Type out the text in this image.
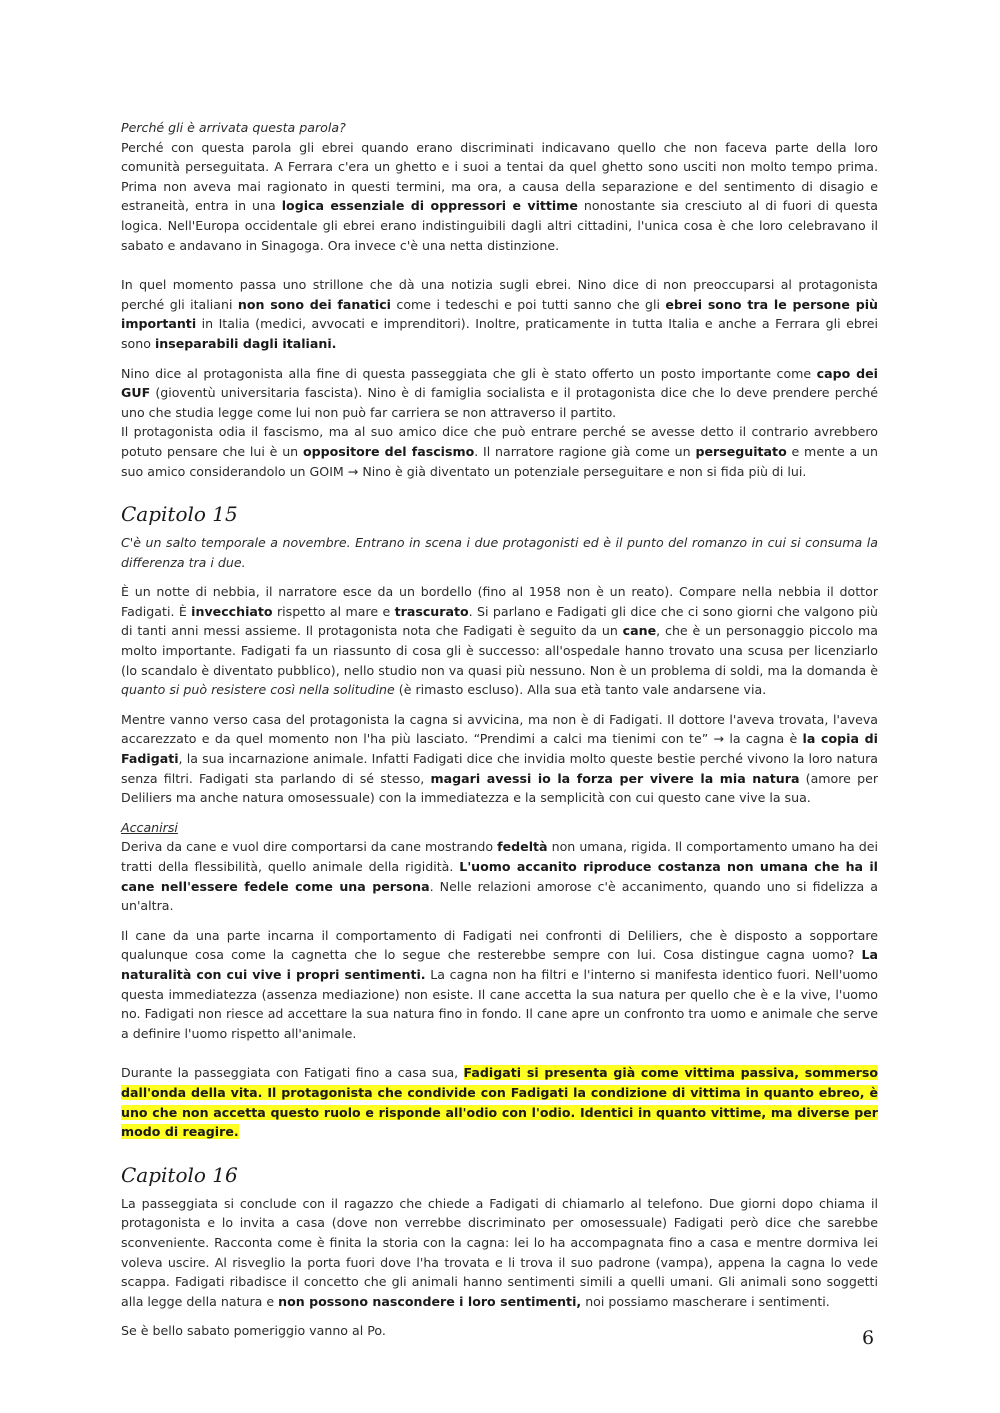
Perché gli è arrivata questa parola?

Perché con questa parola gli ebrei quando erano discriminati indicavano quello che non faceva parte della loro comunità perseguitata. A Ferrara c'era un ghetto e i suoi a tentai da quel ghetto sono usciti non molto tempo prima. Prima non aveva mai ragionato in questi termini, ma ora, a causa della separazione e del sentimento di disagio e estraneità, entra in una logica essenziale di oppressori e vittime nonostante sia cresciuto al di fuori di questa logica. Nell'Europa occidentale gli ebrei erano indistinguibili dagli altri cittadini, l'unica cosa è che loro celebravano il sabato e andavano in Sinagoga. Ora invece c'è una netta distinzione.

In quel momento passa uno strillone che dà una notizia sugli ebrei. Nino dice di non preoccuparsi al protagonista perché gli italiani non sono dei fanatici come i tedeschi e poi tutti sanno che gli ebrei sono tra le persone più importanti in Italia (medici, avvocati e imprenditori). Inoltre, praticamente in tutta Italia e anche a Ferrara gli ebrei sono inseparabili dagli italiani.

Nino dice al protagonista alla fine di questa passeggiata che gli è stato offerto un posto importante come capo dei GUF (gioventù universitaria fascista). Nino è di famiglia socialista e il protagonista dice che lo deve prendere perché uno che studia legge come lui non può far carriera se non attraverso il partito.

Il protagonista odia il fascismo, ma al suo amico dice che può entrare perché se avesse detto il contrario avrebbero potuto pensare che lui è un oppositore del fascismo. Il narratore ragione già come un perseguitato e mente a un suo amico considerandolo un GOIM → Nino è già diventato un potenziale perseguitare e non si fida più di lui.

Capitolo 15

C'è un salto temporale a novembre. Entrano in scena i due protagonisti ed è il punto del romanzo in cui si consuma la differenza tra i due.

È un notte di nebbia, il narratore esce da un bordello (fino al 1958 non è un reato). Compare nella nebbia il dottor Fadigati. È invecchiato rispetto al mare e trascurato. Si parlano e Fadigati gli dice che ci sono giorni che valgono più di tanti anni messi assieme. Il protagonista nota che Fadigati è seguito da un cane, che è un personaggio piccolo ma molto importante. Fadigati fa un riassunto di cosa gli è successo: all'ospedale hanno trovato una scusa per licenziarlo (lo scandalo è diventato pubblico), nello studio non va quasi più nessuno. Non è un problema di soldi, ma la domanda è quanto si può resistere così nella solitudine (è rimasto escluso). Alla sua età tanto vale andarsene via.

Mentre vanno verso casa del protagonista la cagna si avvicina, ma non è di Fadigati. Il dottore l'aveva trovata, l'aveva accarezzato e da quel momento non l'ha più lasciato. “Prendimi a calci ma tienimi con te” → la cagna è la copia di Fadigati, la sua incarnazione animale. Infatti Fadigati dice che invidia molto queste bestie perché vivono la loro natura senza filtri. Fadigati sta parlando di sé stesso, magari avessi io la forza per vivere la mia natura (amore per Deliliers ma anche natura omosessuale) con la immediatezza e la semplicità con cui questo cane vive la sua.

Accanirsi

Deriva da cane e vuol dire comportarsi da cane mostrando fedeltà non umana, rigida. Il comportamento umano ha dei tratti della flessibilità, quello animale della rigidità. L'uomo accanito riproduce costanza non umana che ha il cane nell'essere fedele come una persona. Nelle relazioni amorose c'è accanimento, quando uno si fidelizza a un'altra.

Il cane da una parte incarna il comportamento di Fadigati nei confronti di Deliliers, che è disposto a sopportare qualunque cosa come la cagnetta che lo segue che resterebbe sempre con lui. Cosa distingue cagna uomo? La naturalità con cui vive i propri sentimenti. La cagna non ha filtri e l'interno si manifesta identico fuori. Nell'uomo questa immediatezza (assenza mediazione) non esiste. Il cane accetta la sua natura per quello che è e la vive, l'uomo no. Fadigati non riesce ad accettare la sua natura fino in fondo. Il cane apre un confronto tra uomo e animale che serve a definire l'uomo rispetto all'animale.

Durante la passeggiata con Fatigati fino a casa sua, Fadigati si presenta già come vittima passiva, sommerso dall'onda della vita. Il protagonista che condivide con Fadigati la condizione di vittima in quanto ebreo, è uno che non accetta questo ruolo e risponde all'odio con l'odio. Identici in quanto vittime, ma diverse per modo di reagire.

Capitolo 16

La passeggiata si conclude con il ragazzo che chiede a Fadigati di chiamarlo al telefono. Due giorni dopo chiama il protagonista e lo invita a casa (dove non verrebbe discriminato per omosessuale) Fadigati però dice che sarebbe sconveniente. Racconta come è finita la storia con la cagna: lei lo ha accompagnata fino a casa e mentre dormiva lei voleva uscire. Al risveglio la porta fuori dove l'ha trovata e li trova il suo padrone (vampa), appena la cagna lo vede scappa. Fadigati ribadisce il concetto che gli animali hanno sentimenti simili a quelli umani. Gli animali sono soggetti alla legge della natura e non possono nascondere i loro sentimenti, noi possiamo mascherare i sentimenti.

Se è bello sabato pomeriggio vanno al Po.	6
